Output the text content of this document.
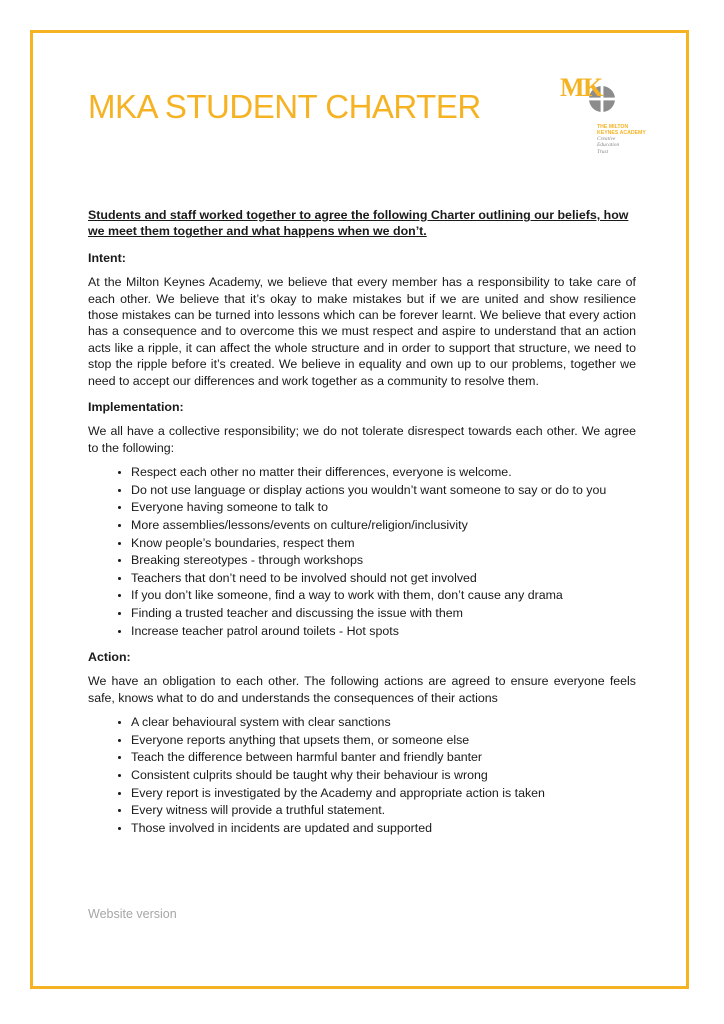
MKA STUDENT CHARTER
M
K
THE MILTON
KEYNES ACADEMY
Creative
Education
Trust

Students and staff worked together to agree the following Charter outlining our beliefs, how we meet them together and what happens when we don’t.

Intent:

At the Milton Keynes Academy, we believe that every member has a responsibility to take care of each other. We believe that it’s okay to make mistakes but if we are united and show resilience those mistakes can be turned into lessons which can be forever learnt. We believe that every action has a consequence and to overcome this we must respect and aspire to understand that an action acts like a ripple, it can affect the whole structure and in order to support that structure, we need to stop the ripple before it’s created. We believe in equality and own up to our problems, together we need to accept our differences and work together as a community to resolve them.

Implementation:

We all have a collective responsibility; we do not tolerate disrespect towards each other. We agree to the following:

• Respect each other no matter their differences, everyone is welcome.
• Do not use language or display actions you wouldn’t want someone to say or do to you
• Everyone having someone to talk to
• More assemblies/lessons/events on culture/religion/inclusivity
• Know people’s boundaries, respect them
• Breaking stereotypes - through workshops
• Teachers that don’t need to be involved should not get involved
• If you don’t like someone, find a way to work with them, don’t cause any drama
• Finding a trusted teacher and discussing the issue with them
• Increase teacher patrol around toilets - Hot spots

Action:

We have an obligation to each other. The following actions are agreed to ensure everyone feels safe, knows what to do and understands the consequences of their actions

• A clear behavioural system with clear sanctions
• Everyone reports anything that upsets them, or someone else
• Teach the difference between harmful banter and friendly banter
• Consistent culprits should be taught why their behaviour is wrong
• Every report is investigated by the Academy and appropriate action is taken
• Every witness will provide a truthful statement.
• Those involved in incidents are updated and supported
Website version
